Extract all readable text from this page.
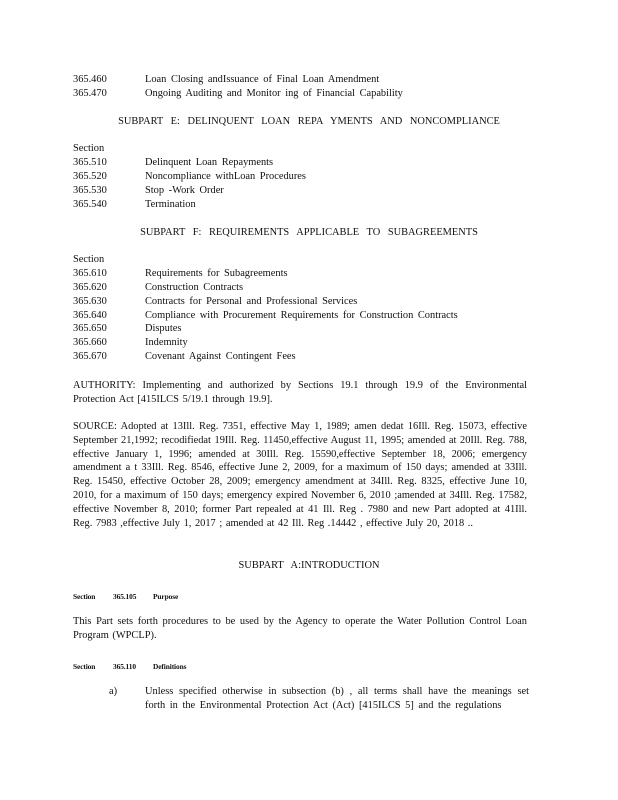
365.460	Loan Closing andIssuance of Final Loan Amendment
365.470	Ongoing Auditing and Monitor ing of Financial Capability
SUBPART E: DELINQUENT LOAN REPA YMENTS AND NONCOMPLIANCE
Section
365.510	Delinquent Loan Repayments
365.520	Noncompliance withLoan Procedures
365.530	Stop -Work Order
365.540	Termination
SUBPART F: REQUIREMENTS APPLICABLE TO SUBAGREEMENTS
Section
365.610	Requirements for Subagreements
365.620	Construction Contracts
365.630	Contracts for Personal and Professional Services
365.640	Compliance with Procurement Requirements for Construction Contracts
365.650	Disputes
365.660	Indemnity
365.670	Covenant Against Contingent Fees
AUTHORITY: Implementing and authorized by Sections 19.1 through 19.9 of the Environmental Protection Act [415ILCS 5/19.1 through 19.9].
SOURCE: Adopted at 13Ill. Reg. 7351, effective May 1, 1989; amen dedat 16Ill. Reg. 15073, effective September 21,1992; recodifiedat 19Ill. Reg. 11450,effective August 11, 1995; amended at 20Ill. Reg. 788, effective January 1, 1996; amended at 30Ill. Reg. 15590,effective September 18, 2006; emergency amendment a t 33Ill. Reg. 8546, effective June 2, 2009, for a maximum of 150 days; amended at 33Ill. Reg. 15450, effective October 28, 2009; emergency amendment at 34Ill. Reg. 8325, effective June 10, 2010, for a maximum of 150 days; emergency expired November 6, 2010 ;amended at 34Ill. Reg. 17582, effective November 8, 2010; former Part repealed at 41 Ill. Reg . 7980 and new Part adopted at 41Ill. Reg. 7983 ,effective July 1, 2017 ; amended at 42 Ill. Reg .14442 , effective July 20, 2018 ..
SUBPART A:INTRODUCTION
Section 365.105 Purpose
This Part sets forth procedures to be used by the Agency to operate the Water Pollution Control Loan Program (WPCLP).
Section 365.110 Definitions
a)	Unless specified otherwise in subsection (b) , all terms shall have the meanings set forth in the Environmental Protection Act (Act) [415ILCS 5] and the regulations
